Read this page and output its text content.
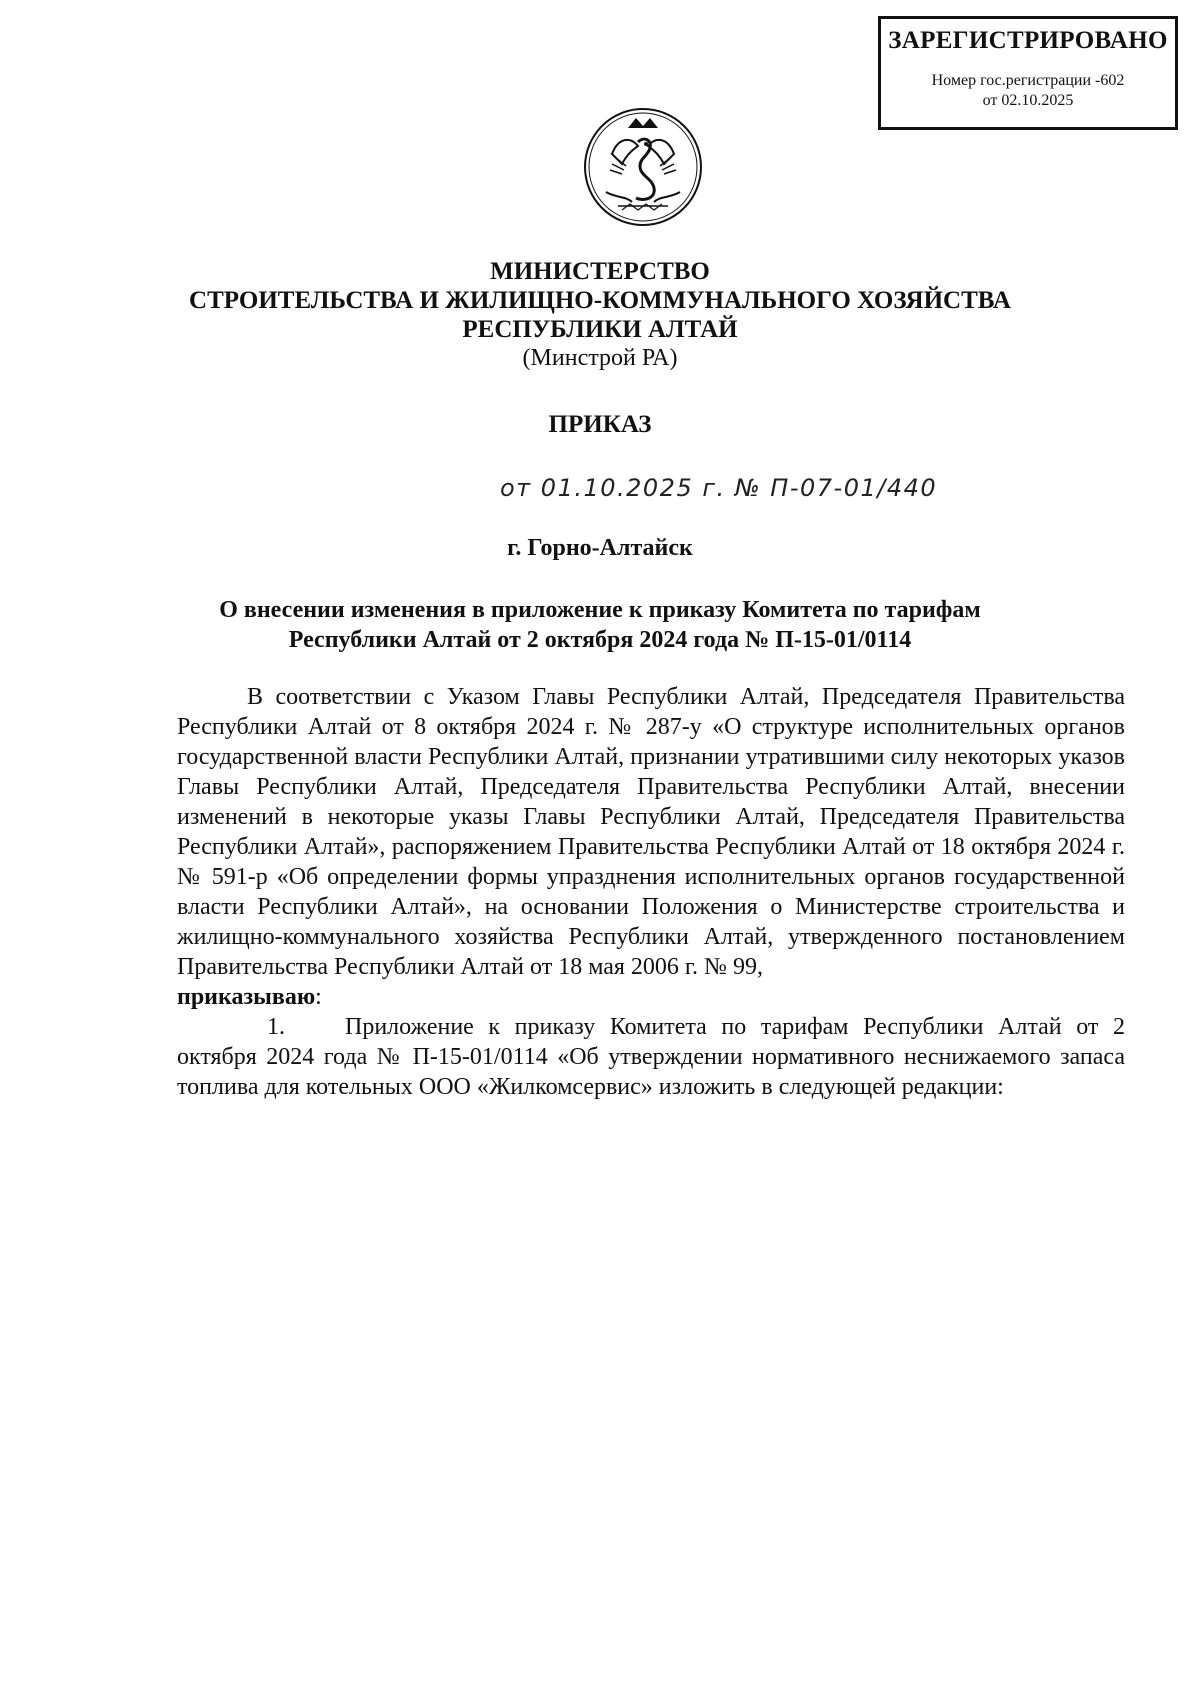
ЗАРЕГИСТРИРОВАНО
Номер гос.регистрации -602
от 02.10.2025
МИНИСТЕРСТВО
СТРОИТЕЛЬСТВА И ЖИЛИЩНО-КОММУНАЛЬНОГО ХОЗЯЙСТВА
РЕСПУБЛИКИ АЛТАЙ
(Минстрой РА)
ПРИКАЗ
от 01.10.2025 г. № П-07-01/440
г. Горно-Алтайск
О внесении изменения в приложение к приказу Комитета по тарифам
Республики Алтай от 2 октября 2024 года № П-15-01/0114

В соответствии с Указом Главы Республики Алтай, Председателя Правительства Республики Алтай от 8 октября 2024 г. № 287-у «О структуре исполнительных органов государственной власти Республики Алтай, признании утратившими силу некоторых указов Главы Республики Алтай, Председателя Правительства Республики Алтай, внесении изменений в некоторые указы Главы Республики Алтай, Председателя Правительства Республики Алтай», распоряжением Правительства Республики Алтай от 18 октября 2024 г. № 591-р «Об определении формы упразднения исполнительных органов государственной власти Республики Алтай», на основании Положения о Министерстве строительства и жилищно-коммунального хозяйства Республики Алтай, утвержденного постановлением Правительства Республики Алтай от 18 мая 2006 г. № 99,

приказываю:

1.	Приложение к приказу Комитета по тарифам Республики Алтай от 2 октября 2024 года № П-15-01/0114 «Об утверждении нормативного неснижаемого запаса топлива для котельных ООО «Жилкомсервис» изложить в следующей редакции:
